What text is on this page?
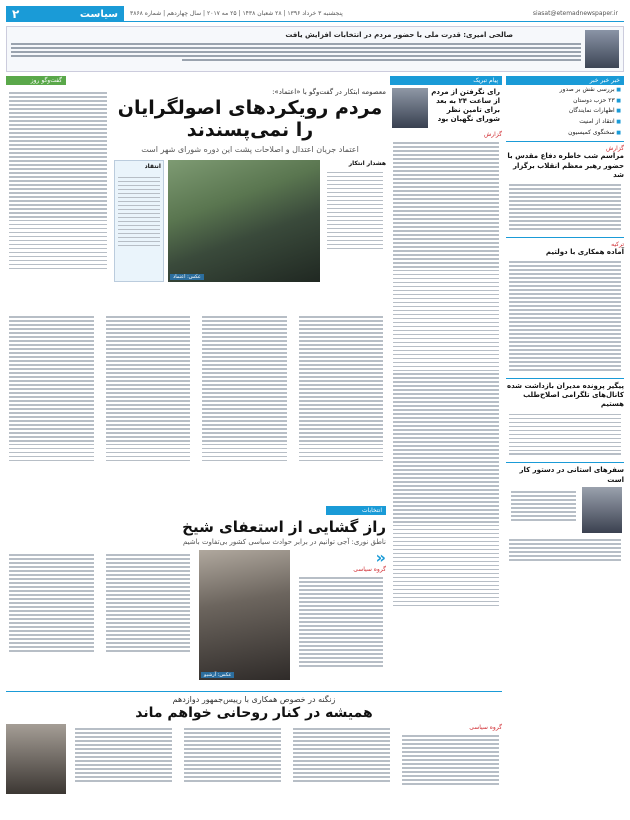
پنجشنبه ۳ خرداد ۱۳۹۶ | ۲۸ شعبان ۱۴۳۸ | ۲۵ مه ۲۰۱۷ | سال چهاردهم | شماره ۳۸۶۸	siasat@etemadnewspaper.ir
سیاست
۲
صالحی امیری: قدرت ملی با حضور مردم در انتخابات افزایش یافت
خبر خبر خبر
■ بررسی نقش بر صدور
■ ۲۳ حزب دوستان
■ اظهارات نمایندگان
■ انتقاد از امنیت
■ سخنگوی کمیسیون
گزارش
مراسم شب خاطره دفاع مقدس با حضور رهبر معظم انقلاب برگزار شد
ترکیه
آماده همکاری با دولتیم
پیگیر پرونده مدیران بازداشت شده کانال‌های تلگرامی اصلاح‌طلب هستیم
سفرهای استانی در دستور کار است
پیام تبریک
رای نگرفتن از مردم از ساعت ۲۴ به بعد برای تامین نظر شورای نگهبان بود
گزارش
گفت‌وگو روز
معصومه ابتکار در گفت‌وگو با «اعتماد»:
مردم رویکردهای اصولگرایان را نمی‌پسندند
اعتماد جریان اعتدال و اصلاحات پشت این دوره شورای شهر است
هشدار انتکار
عکس: اعتماد
انتقاد
انتخابات
راز گشایی از استعفای شیخ
ناطق نوری: آجی توانیم در برابر حوادث سیاسی کشور بی‌تفاوت باشیم
«
گروه سیاسی
عکس: آرشیو
زنگنه در خصوص همکاری با رییس‌جمهور دوازدهم
همیشه در کنار روحانی خواهم ماند
گروه سیاسی
